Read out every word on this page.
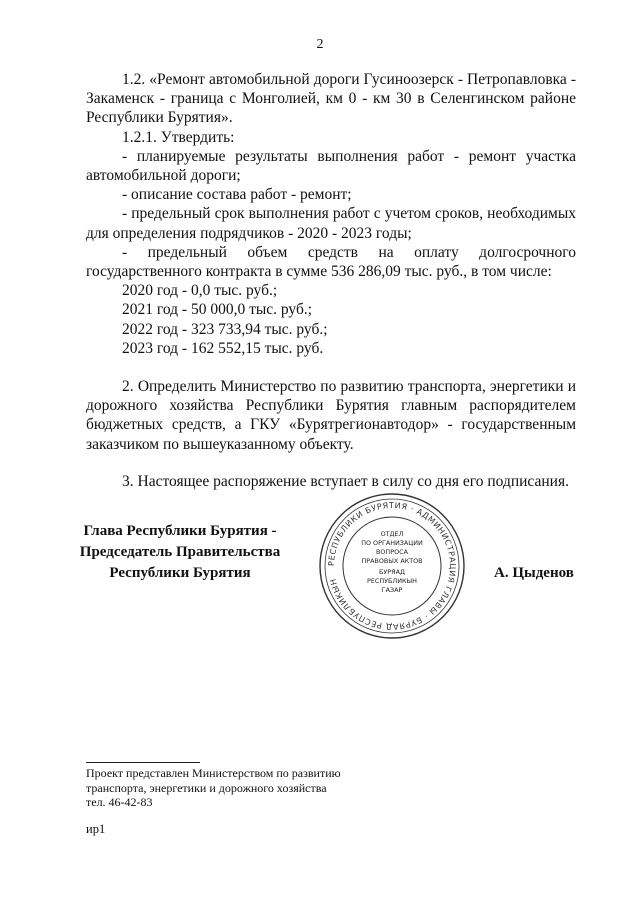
2

1.2. «Ремонт автомобильной дороги Гусиноозерск - Петропавловка - Закаменск - граница с Монголией, км 0 - км 30 в Селенгинском районе Республики Бурятия».

1.2.1. Утвердить:

- планируемые результаты выполнения работ - ремонт участка автомобильной дороги;

- описание состава работ - ремонт;

- предельный срок выполнения работ с учетом сроков, необходимых для определения подрядчиков - 2020 - 2023 годы;

- предельный объем средств на оплату долгосрочного государственного контракта в сумме 536 286,09 тыс. руб., в том числе:

2020 год - 0,0 тыс. руб.;

2021 год - 50 000,0 тыс. руб.;

2022 год - 323 733,94 тыс. руб.;

2023 год - 162 552,15 тыс. руб.

2. Определить Министерство по развитию транспорта, энергетики и дорожного хозяйства Республики Бурятия главным распорядителем бюджетных средств, а ГКУ «Бурятрегионавтодор» - государственным заказчиком по вышеуказанному объекту.

3. Настоящее распоряжение вступает в силу со дня его подписания.

Глава Республики Бурятия -
Председатель Правительства
Республики Бурятия	А. Цыденов
РЕСПУБЛИКИ БУРЯТИЯ · АДМИНИСТРАЦИЯ ГЛАВЫ · БУРЯАД РЕСПУБЛИКЫН
ОТДЕЛ
ПО ОРГАНИЗАЦИИ
ВОПРОСА
ПРАВОВЫХ АКТОВ
БУРЯАД
РЕСПУБЛИКЫН
ГАЗАР
Проект представлен Министерством по развитию
транспорта, энергетики и дорожного хозяйства
тел. 46-42-83
ир1
